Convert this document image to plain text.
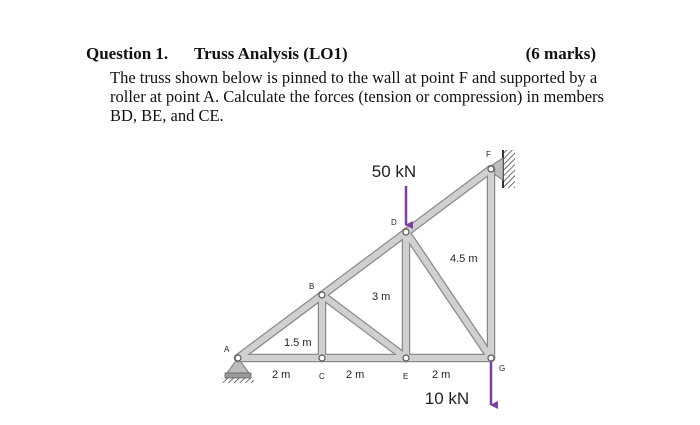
Question 1. Truss Analysis (LO1)	(6 marks)
The truss shown below is pinned to the wall at point F and supported by a
roller at point A. Calculate the forces (tension or compression) in members
BD, BE, and CE.
50 kN
10 kN
A
B
C
D
E
F
G
1.5 m
3 m
4.5 m
2 m	2 m	2 m
